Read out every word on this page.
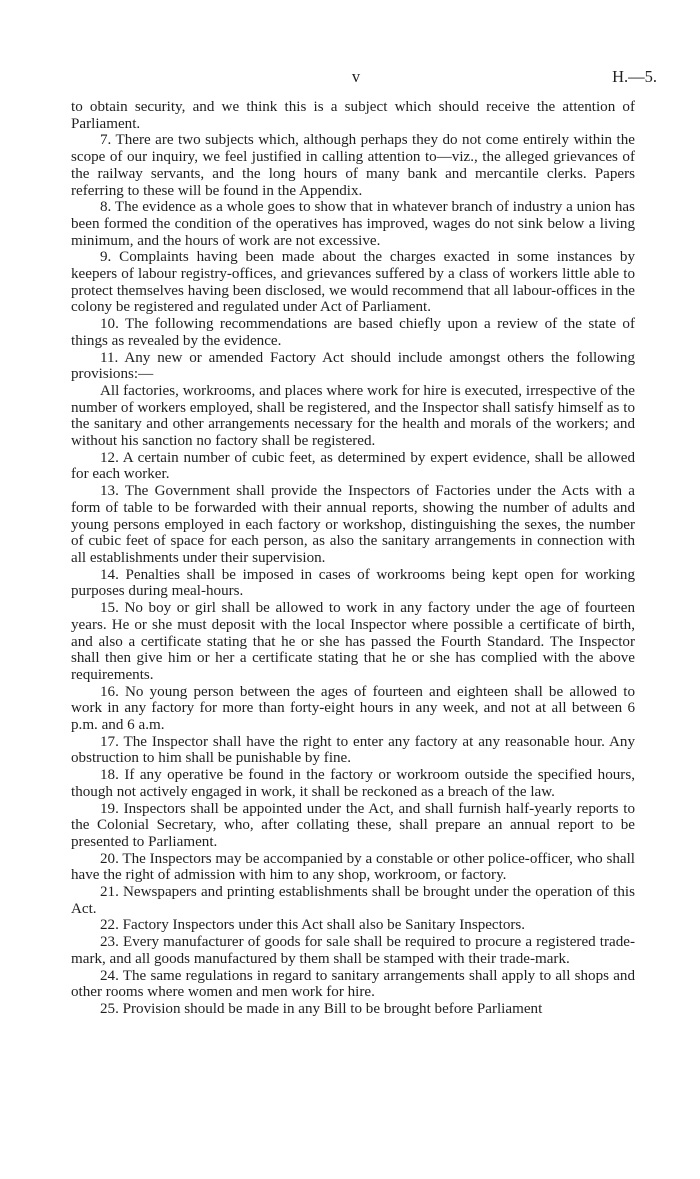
v	H.—5.

to obtain security, and we think this is a subject which should receive the attention of Parliament.

7. There are two subjects which, although perhaps they do not come entirely within the scope of our inquiry, we feel justified in calling attention to—viz., the alleged grievances of the railway servants, and the long hours of many bank and mercantile clerks. Papers referring to these will be found in the Appendix.

8. The evidence as a whole goes to show that in whatever branch of industry a union has been formed the condition of the operatives has improved, wages do not sink below a living minimum, and the hours of work are not excessive.

9. Complaints having been made about the charges exacted in some instances by keepers of labour registry-offices, and grievances suffered by a class of workers little able to protect themselves having been disclosed, we would recommend that all labour-offices in the colony be registered and regulated under Act of Parliament.

10. The following recommendations are based chiefly upon a review of the state of things as revealed by the evidence.

11. Any new or amended Factory Act should include amongst others the following provisions:—

All factories, workrooms, and places where work for hire is executed, irrespective of the number of workers employed, shall be registered, and the Inspector shall satisfy himself as to the sanitary and other arrangements necessary for the health and morals of the workers; and without his sanction no factory shall be registered.

12. A certain number of cubic feet, as determined by expert evidence, shall be allowed for each worker.

13. The Government shall provide the Inspectors of Factories under the Acts with a form of table to be forwarded with their annual reports, showing the number of adults and young persons employed in each factory or workshop, distinguishing the sexes, the number of cubic feet of space for each person, as also the sanitary arrangements in connection with all establishments under their supervision.

14. Penalties shall be imposed in cases of workrooms being kept open for working purposes during meal-hours.

15. No boy or girl shall be allowed to work in any factory under the age of fourteen years. He or she must deposit with the local Inspector where possible a certificate of birth, and also a certificate stating that he or she has passed the Fourth Standard. The Inspector shall then give him or her a certificate stating that he or she has complied with the above requirements.

16. No young person between the ages of fourteen and eighteen shall be allowed to work in any factory for more than forty-eight hours in any week, and not at all between 6 p.m. and 6 a.m.

17. The Inspector shall have the right to enter any factory at any reasonable hour. Any obstruction to him shall be punishable by fine.

18. If any operative be found in the factory or workroom outside the specified hours, though not actively engaged in work, it shall be reckoned as a breach of the law.

19. Inspectors shall be appointed under the Act, and shall furnish half-yearly reports to the Colonial Secretary, who, after collating these, shall prepare an annual report to be presented to Parliament.

20. The Inspectors may be accompanied by a constable or other police-officer, who shall have the right of admission with him to any shop, workroom, or factory.

21. Newspapers and printing establishments shall be brought under the operation of this Act.

22. Factory Inspectors under this Act shall also be Sanitary Inspectors.

23. Every manufacturer of goods for sale shall be required to procure a registered trade-mark, and all goods manufactured by them shall be stamped with their trade-mark.

24. The same regulations in regard to sanitary arrangements shall apply to all shops and other rooms where women and men work for hire.

25. Provision should be made in any Bill to be brought before Parliament
